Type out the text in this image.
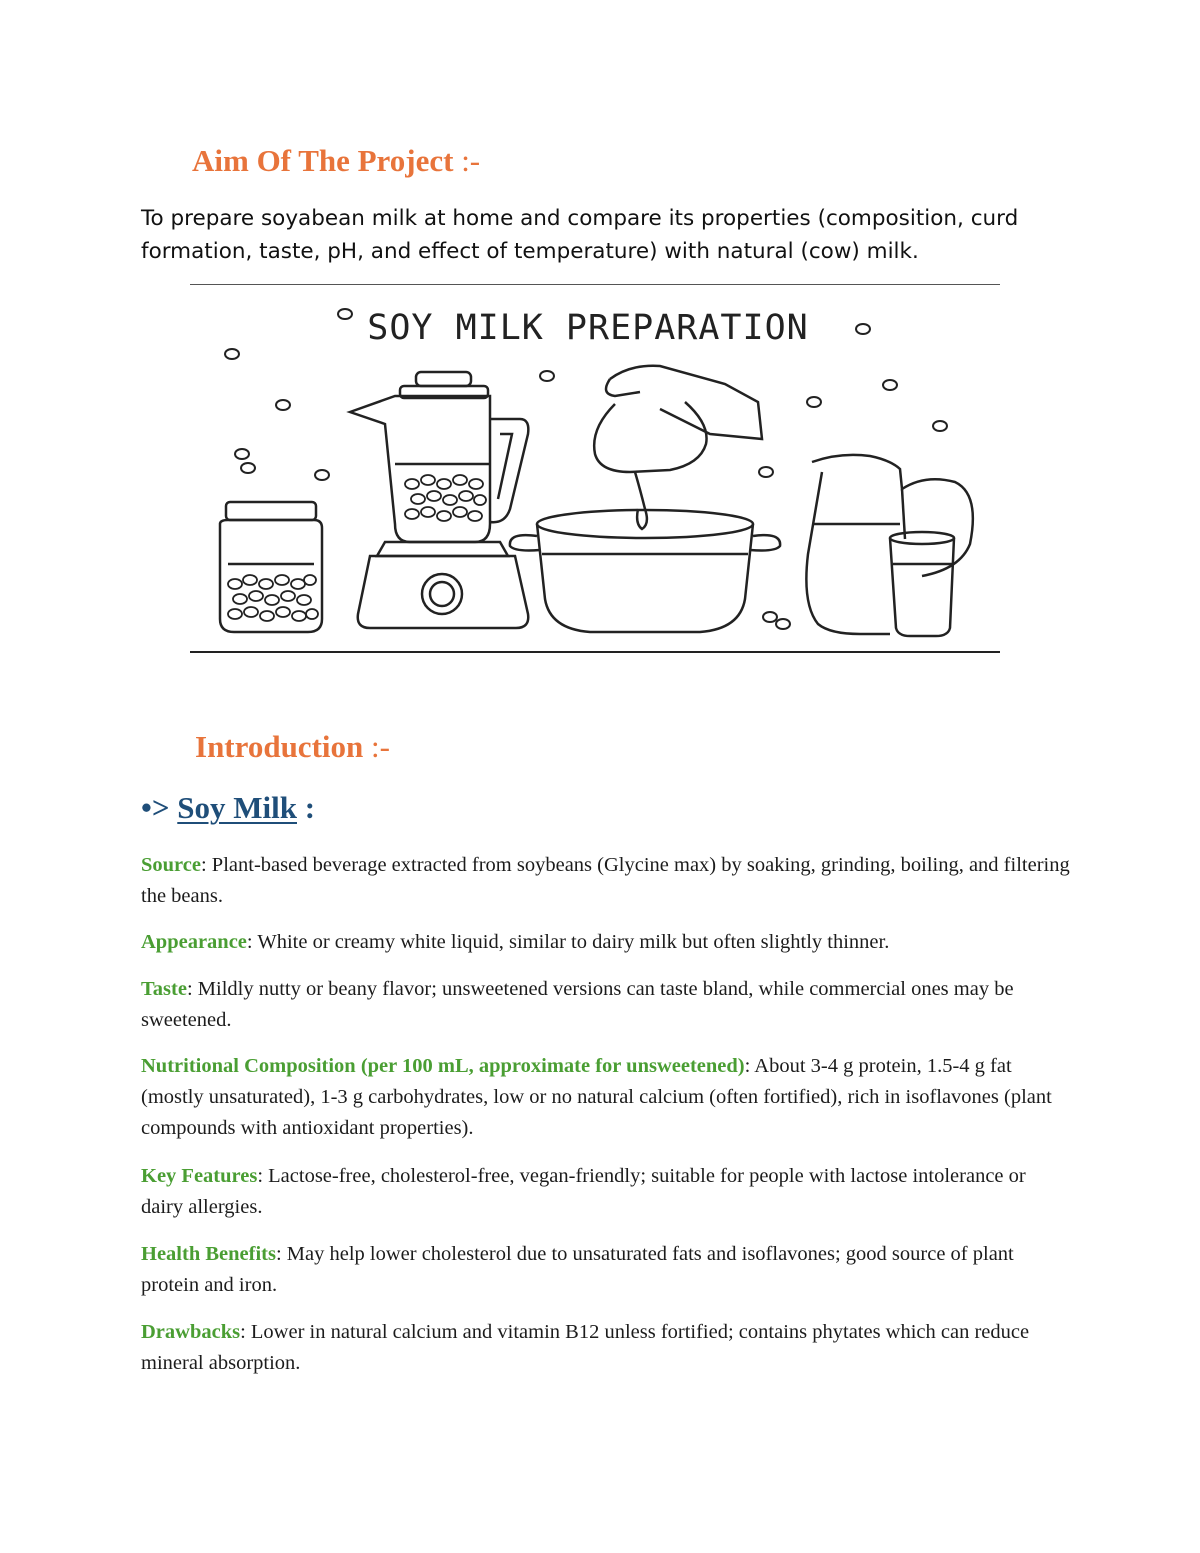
Aim Of The Project :-
To prepare soyabean milk at home and compare its properties (composition, curd formation, taste, pH, and effect of temperature) with natural (cow) milk.
SOY MILK PREPARATION
Introduction :-
•> Soy Milk :
Source: Plant-based beverage extracted from soybeans (Glycine max) by soaking, grinding, boiling, and filtering the beans.
Appearance: White or creamy white liquid, similar to dairy milk but often slightly thinner.
Taste: Mildly nutty or beany flavor; unsweetened versions can taste bland, while commercial ones may be sweetened.
Nutritional Composition (per 100 mL, approximate for unsweetened): About 3-4 g protein, 1.5-4 g fat (mostly unsaturated), 1-3 g carbohydrates, low or no natural calcium (often fortified), rich in isoflavones (plant compounds with antioxidant properties).
Key Features: Lactose-free, cholesterol-free, vegan-friendly; suitable for people with lactose intolerance or dairy allergies.
Health Benefits: May help lower cholesterol due to unsaturated fats and isoflavones; good source of plant protein and iron.
Drawbacks: Lower in natural calcium and vitamin B12 unless fortified; contains phytates which can reduce mineral absorption.
